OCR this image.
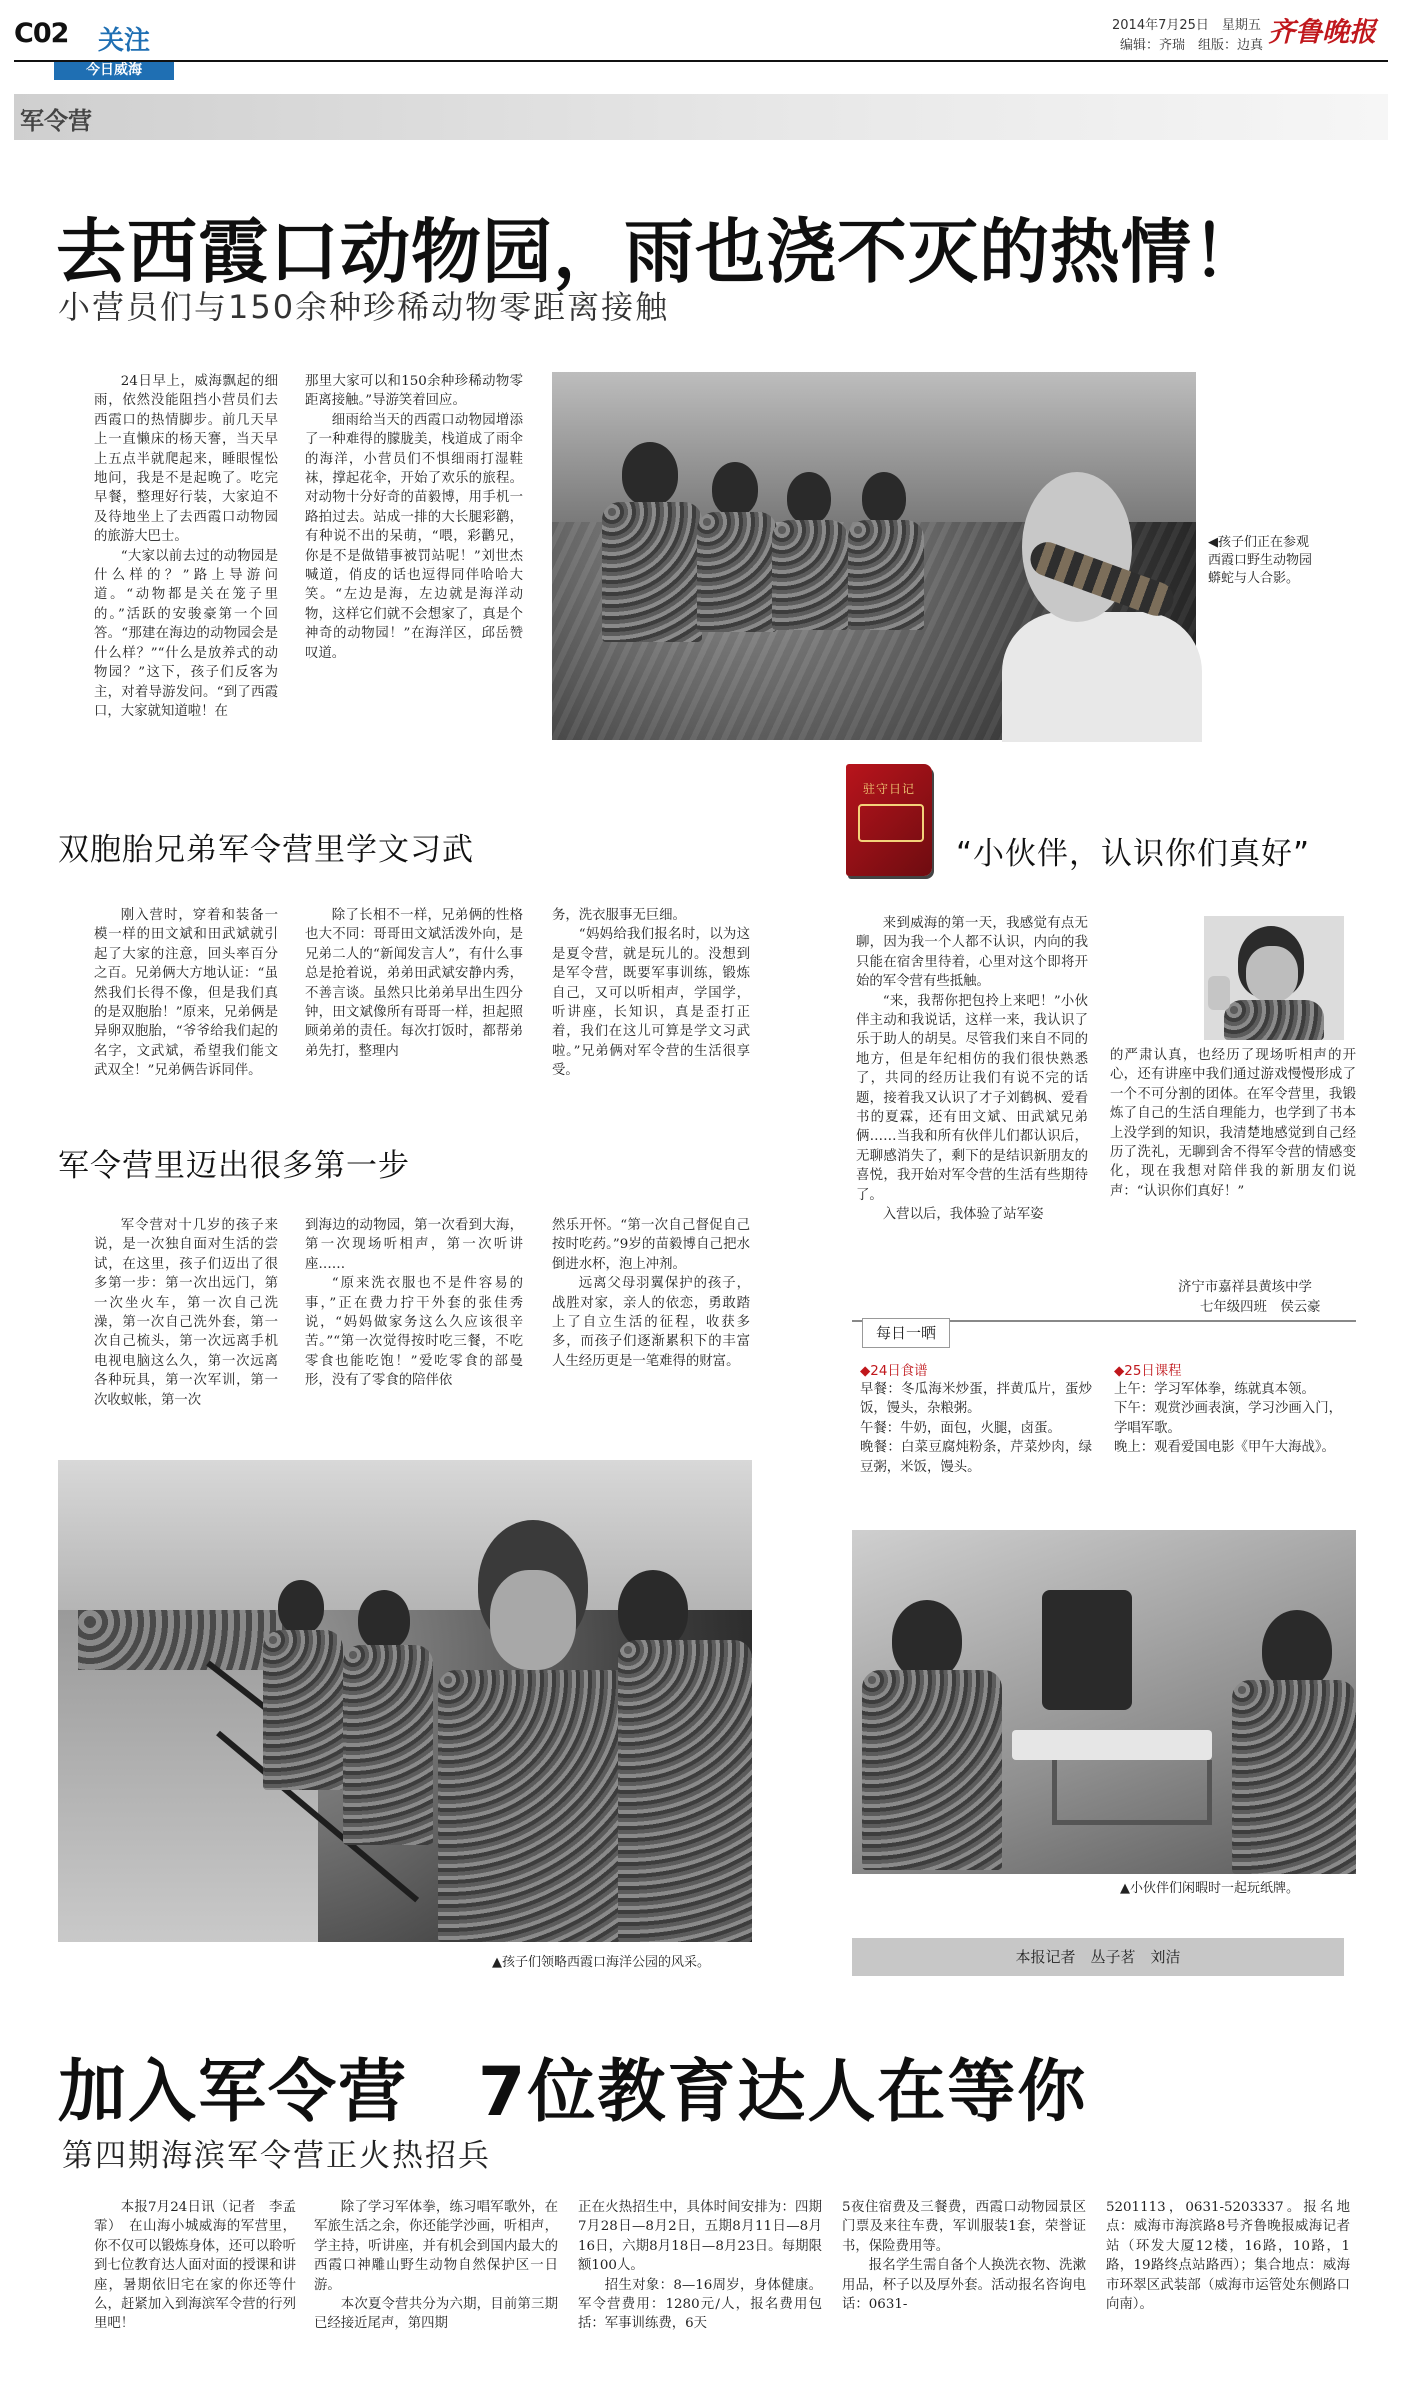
C02 关注
今日威海
2014年7月25日　星期五
编辑：齐瑞　组版：边真 齐鲁晚报
军令营
去西霞口动物园，雨也浇不灭的热情！
小营员们与150余种珍稀动物零距离接触

24日早上，威海飘起的细雨，依然没能阻挡小营员们去西霞口的热情脚步。前几天早上一直懒床的杨天謇，当天早上五点半就爬起来，睡眼惺忪地问，我是不是起晚了。吃完早餐，整理好行装，大家迫不及待地坐上了去西霞口动物园的旅游大巴士。

“大家以前去过的动物园是什么样的？”路上导游问道。“动物都是关在笼子里的。”活跃的安骏豪第一个回答。“那建在海边的动物园会是什么样？”“什么是放养式的动物园？”这下，孩子们反客为主，对着导游发问。“到了西霞口，大家就知道啦！在

那里大家可以和150余种珍稀动物零距离接触。”导游笑着回应。

细雨给当天的西霞口动物园增添了一种难得的朦胧美，栈道成了雨伞的海洋，小营员们不惧细雨打湿鞋袜，撑起花伞，开始了欢乐的旅程。对动物十分好奇的苗毅博，用手机一路拍过去。站成一排的大长腿彩鹳，有种说不出的呆萌，“喂，彩鹳兄，你是不是做错事被罚站呢！”刘世杰喊道，俏皮的话也逗得同伴哈哈大笑。“左边是海，左边就是海洋动物，这样它们就不会想家了，真是个神奇的动物园！”在海洋区，邱岳赞叹道。

◀孩子们正在参观西霞口野生动物园蟒蛇与人合影。
双胞胎兄弟军令营里学文习武

刚入营时，穿着和装备一模一样的田文斌和田武斌就引起了大家的注意，回头率百分之百。兄弟俩大方地认证：“虽然我们长得不像，但是我们真的是双胞胎！”原来，兄弟俩是异卵双胞胎，“爷爷给我们起的名字，文武斌，希望我们能文武双全！”兄弟俩告诉同伴。

除了长相不一样，兄弟俩的性格也大不同：哥哥田文斌活泼外向，是兄弟二人的“新闻发言人”，有什么事总是抢着说，弟弟田武斌安静内秀，不善言谈。虽然只比弟弟早出生四分钟，田文斌像所有哥哥一样，担起照顾弟弟的责任。每次打饭时，都帮弟弟先打，整理内

务，洗衣服事无巨细。

“妈妈给我们报名时，以为这是夏令营，就是玩儿的。没想到是军令营，既要军事训练，锻炼自己，又可以听相声，学国学，听讲座，长知识，真是歪打正着，我们在这儿可算是学文习武啦。”兄弟俩对军令营的生活很享受。

军令营里迈出很多第一步

军令营对十几岁的孩子来说，是一次独自面对生活的尝试，在这里，孩子们迈出了很多第一步：第一次出远门，第一次坐火车，第一次自己洗澡，第一次自己洗外套，第一次自己梳头，第一次远离手机电视电脑这么久，第一次远离各种玩具，第一次军训，第一次收蚁帐，第一次

到海边的动物园，第一次看到大海，第一次现场听相声，第一次听讲座……

“原来洗衣服也不是件容易的事，”正在费力拧干外套的张佳秀说，“妈妈做家务这么久应该很辛苦。”“第一次觉得按时吃三餐，不吃零食也能吃饱！”爱吃零食的部曼形，没有了零食的陪伴依

然乐开怀。“第一次自己督促自己按时吃药。”9岁的苗毅博自己把水倒进水杯，泡上冲剂。

远离父母羽翼保护的孩子，战胜对家，亲人的依恋，勇敢踏上了自立生活的征程，收获多多，而孩子们逐渐累积下的丰富人生经历更是一笔难得的财富。

▲孩子们领略西霞口海洋公园的风采。
驻守日记
“小伙伴，认识你们真好”

来到威海的第一天，我感觉有点无聊，因为我一个人都不认识，内向的我只能在宿舍里待着，心里对这个即将开始的军令营有些抵触。

“来，我帮你把包拎上来吧！”小伙伴主动和我说话，这样一来，我认识了乐于助人的胡昊。尽管我们来自不同的地方，但是年纪相仿的我们很快熟悉了，共同的经历让我们有说不完的话题，接着我又认识了才子刘鹤枫、爱看书的夏霖，还有田文斌、田武斌兄弟俩……当我和所有伙伴儿们都认识后，无聊感消失了，剩下的是结识新朋友的喜悦，我开始对军令营的生活有些期待了。

入营以后，我体验了站军姿

的严肃认真，也经历了现场听相声的开心，还有讲座中我们通过游戏慢慢形成了一个不可分割的团体。在军令营里，我锻炼了自己的生活自理能力，也学到了书本上没学到的知识，我清楚地感觉到自己经历了洗礼，无聊到舍不得军令营的情感变化，现在我想对陪伴我的新朋友们说声：“认识你们真好！”

济宁市嘉祥县黄垓中学
七年级四班　侯云豪
每日一晒
◆24日食谱

早餐：冬瓜海米炒蛋，拌黄瓜片，蛋炒饭，馒头，杂粮粥。

午餐：牛奶，面包，火腿，卤蛋。

晚餐：白菜豆腐炖粉条，芹菜炒肉，绿豆粥，米饭，馒头。

◆25日课程

上午：学习军体拳，练就真本领。

下午：观赏沙画表演，学习沙画入门，学唱军歌。

晚上：观看爱国电影《甲午大海战》。

▲小伙伴们闲暇时一起玩纸牌。
本报记者　丛子茗　刘洁
加入军令营　7位教育达人在等你
第四期海滨军令营正火热招兵

本报7月24日讯（记者　李孟霏）　在山海小城威海的军营里，你不仅可以锻炼身体，还可以聆听到七位教育达人面对面的授课和讲座，暑期依旧宅在家的你还等什么，赶紧加入到海滨军令营的行列里吧！

除了学习军体拳，练习唱军歌外，在军旅生活之余，你还能学沙画，听相声，学主持，听讲座，并有机会到国内最大的西霞口神雕山野生动物自然保护区一日游。

本次夏令营共分为六期，目前第三期已经接近尾声，第四期

正在火热招生中，具体时间安排为：四期7月28日—8月2日，五期8月11日—8月16日，六期8月18日—8月23日。每期限额100人。

招生对象：8—16周岁，身体健康。军令营费用：1280元/人，报名费用包括：军事训练费，6天

5夜住宿费及三餐费，西霞口动物园景区门票及来往车费，军训服装1套，荣誉证书，保险费用等。

报名学生需自备个人换洗衣物、洗漱用品，杯子以及厚外套。活动报名咨询电话：0631-

5201113，0631-5203337。报名地点：威海市海滨路8号齐鲁晚报威海记者站（环发大厦12楼，16路，10路，1路，19路终点站路西）；集合地点：威海市环翠区武装部（威海市运管处东侧路口向南）。
